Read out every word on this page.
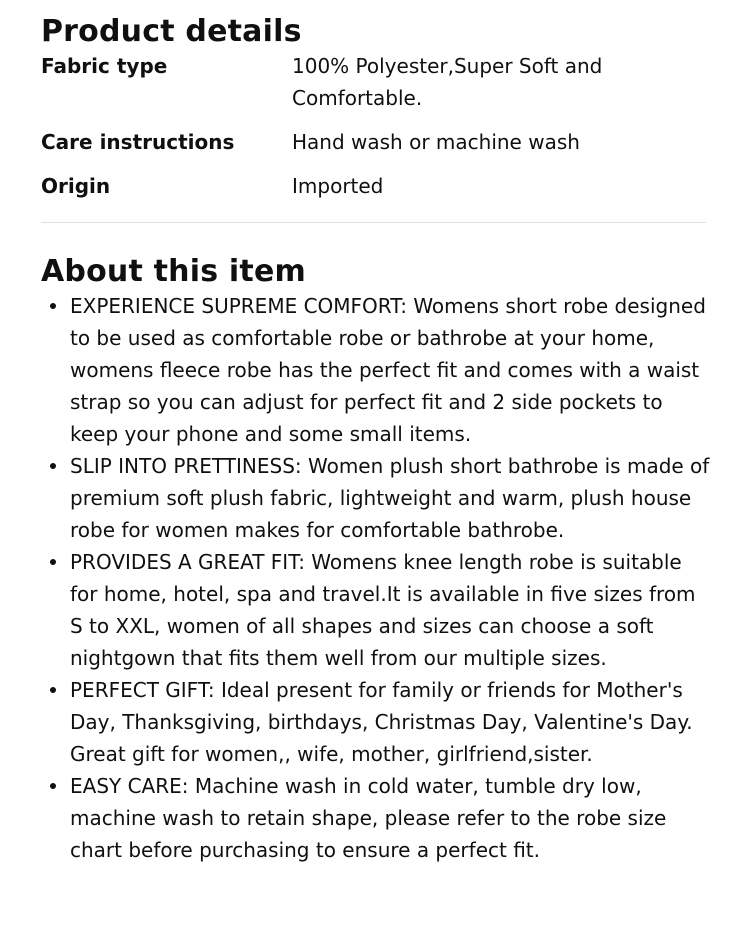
Product details
Fabric type	100% Polyester,Super Soft and Comfortable.
Care instructions	Hand wash or machine wash
Origin	Imported
About this item
EXPERIENCE SUPREME COMFORT: Womens short robe designed to be used as comfortable robe or bathrobe at your home, womens fleece robe has the perfect fit and comes with a waist strap so you can adjust for perfect fit and 2 side pockets to keep your phone and some small items.
SLIP INTO PRETTINESS: Women plush short bathrobe is made of premium soft plush fabric, lightweight and warm, plush house robe for women makes for comfortable bathrobe.
PROVIDES A GREAT FIT: Womens knee length robe is suitable for home, hotel, spa and travel.It is available in five sizes from S to XXL, women of all shapes and sizes can choose a soft nightgown that fits them well from our multiple sizes.
PERFECT GIFT: Ideal present for family or friends for Mother's Day, Thanksgiving, birthdays, Christmas Day, Valentine's Day. Great gift for women,, wife, mother, girlfriend,sister.
EASY CARE: Machine wash in cold water, tumble dry low, machine wash to retain shape, please refer to the robe size chart before purchasing to ensure a perfect fit.
